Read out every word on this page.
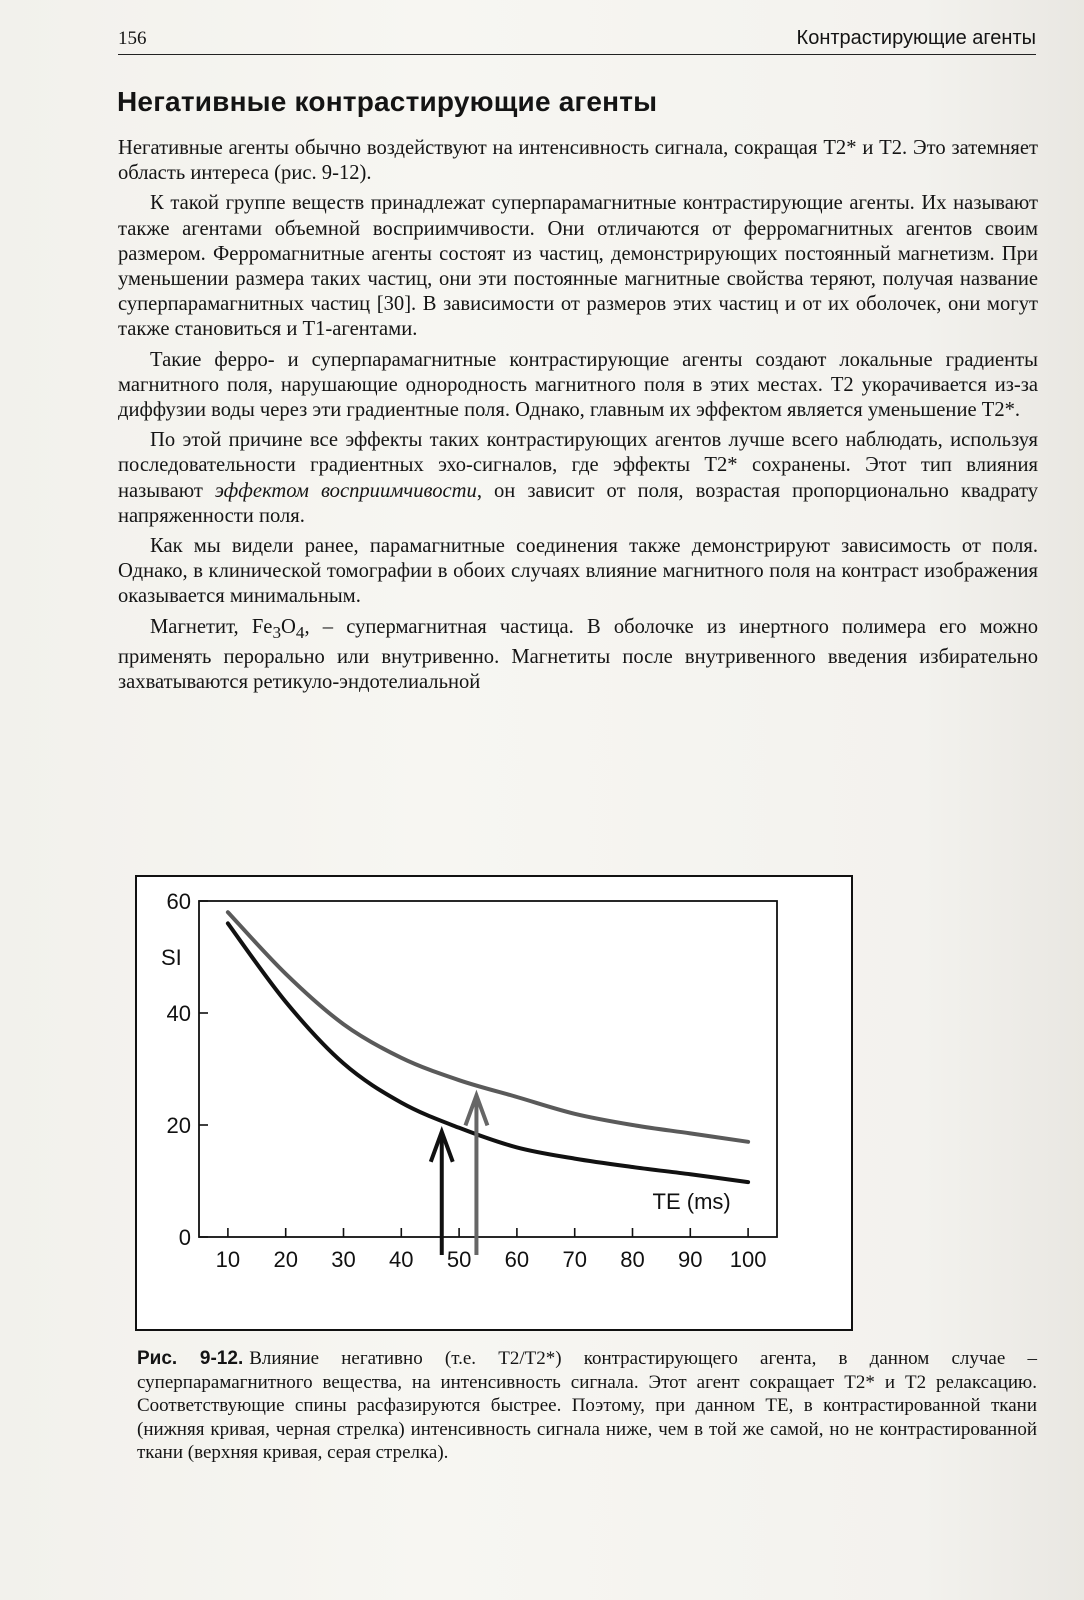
156	Контрастирующие агенты
Негативные контрастирующие агенты

Негативные агенты обычно воздействуют на интенсивность сигнала, сокращая T2* и T2. Это затемняет область интереса (рис. 9-12).

К такой группе веществ принадлежат суперпарамагнитные контрастирующие агенты. Их называют также агентами объемной восприимчивости. Они отличаются от ферромагнитных агентов своим размером. Ферромагнитные агенты состоят из частиц, демонстрирующих постоянный магнетизм. При уменьшении размера таких частиц, они эти постоянные магнитные свойства теряют, получая название суперпарамагнитных частиц [30]. В зависимости от размеров этих частиц и от их оболочек, они могут также становиться и T1-агентами.

Такие ферро- и суперпарамагнитные контрастирующие агенты создают локальные градиенты магнитного поля, нарушающие однородность магнитного поля в этих местах. T2 укорачивается из-за диффузии воды через эти градиентные поля. Однако, главным их эффектом является уменьшение T2*.

По этой причине все эффекты таких контрастирующих агентов лучше всего наблюдать, используя последовательности градиентных эхо-сигналов, где эффекты T2* сохранены. Этот тип влияния называют эффектом восприимчивости, он зависит от поля, возрастая пропорционально квадрату напряженности поля.

Как мы видели ранее, парамагнитные соединения также демонстрируют зависимость от поля. Однако, в клинической томографии в обоих случаях влияние магнитного поля на контраст изображения оказывается минимальным.

Магнетит, $Fe_3O_4$, – супермагнитная частица. В оболочке из инертного полимера его можно применять перорально или внутривенно. Магнетиты после внутривенного введения избирательно захватываются ретикуло-эндотелиальной

0
20
40
60
10 20 30 40 50 60 70 80 90 100
SI
TE (ms)
Рис. 9-12. Влияние негативно (т.е. T2/T2*) контрастирующего агента, в данном случае – суперпарамагнитного вещества, на интенсивность сигнала. Этот агент сокращает T2* и T2 релаксацию. Соответствующие спины расфазируются быстрее. Поэтому, при данном TE, в контрастированной ткани (нижняя кривая, черная стрелка) интенсивность сигнала ниже, чем в той же самой, но не контрастированной ткани (верхняя кривая, серая стрелка).
